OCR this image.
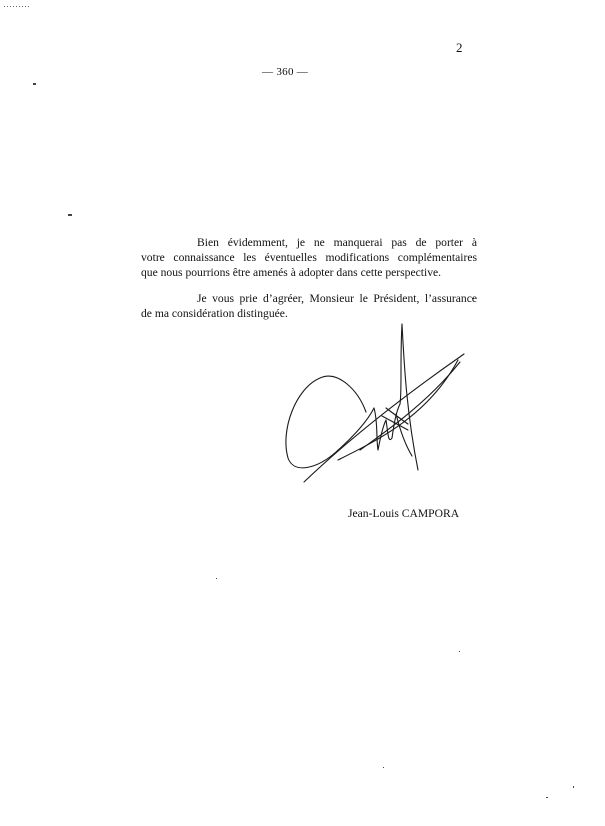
2
— 360 —

Bien évidemment, je ne manquerai pas de porter à
votre connaissance les éventuelles modifications complémentaires
que nous pourrions être amenés à adopter dans cette perspective.

Je vous prie d’agréer, Monsieur le Président, l’assurance
de ma considération distinguée.

Jean-Louis CAMPORA
